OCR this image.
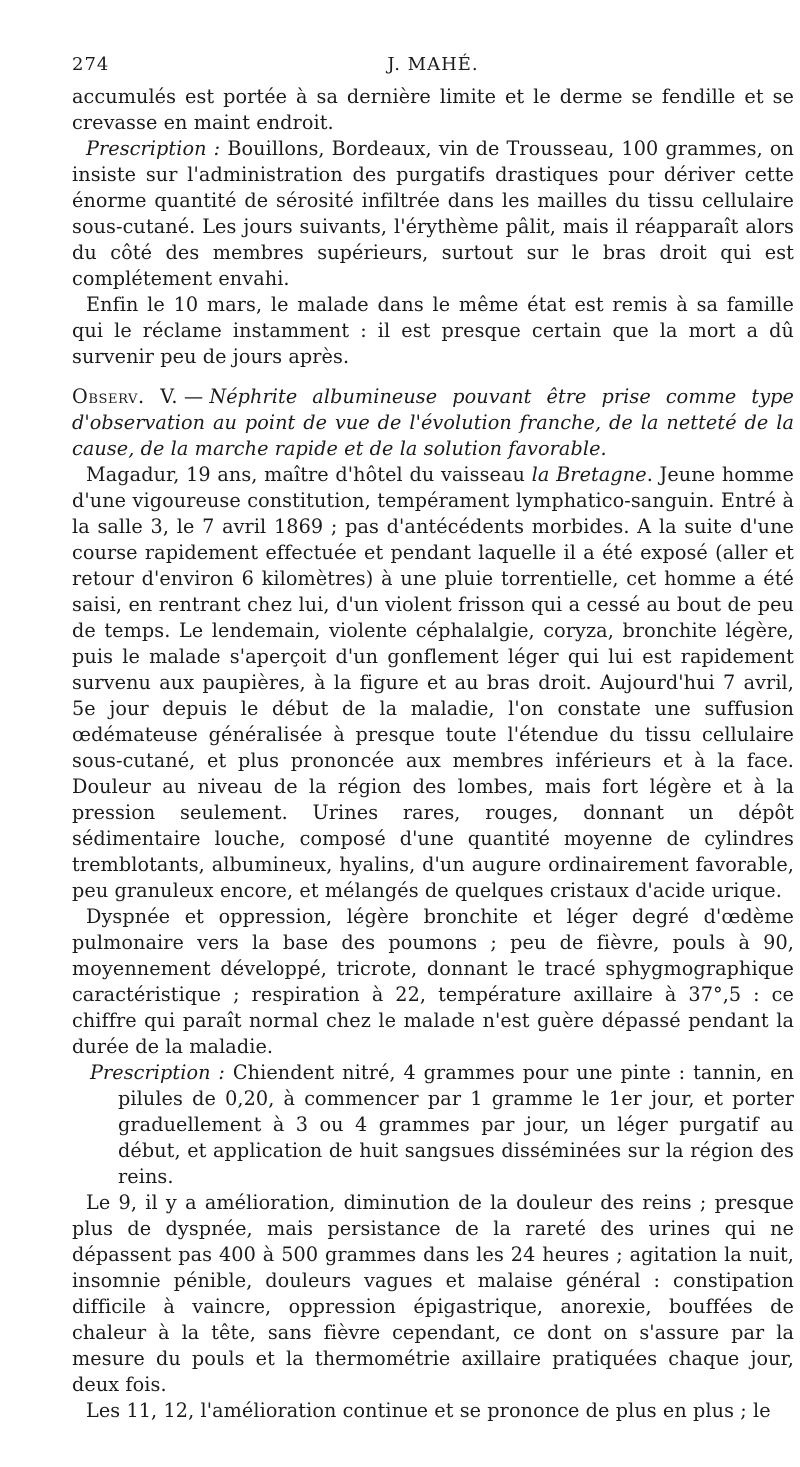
274	J. MAHÉ.

accumulés est portée à sa dernière limite et le derme se fendille et se crevasse en maint endroit.

Prescription : Bouillons, Bordeaux, vin de Trousseau, 100 grammes, on insiste sur l'administration des purgatifs drastiques pour dériver cette énorme quantité de sérosité infiltrée dans les mailles du tissu cellulaire sous-cutané. Les jours suivants, l'érythème pâlit, mais il réapparaît alors du côté des membres supérieurs, surtout sur le bras droit qui est complétement envahi.

Enfin le 10 mars, le malade dans le même état est remis à sa famille qui le réclame instamment : il est presque certain que la mort a dû survenir peu de jours après.

Observ. V. — Néphrite albumineuse pouvant être prise comme type d'observation au point de vue de l'évolution franche, de la netteté de la cause, de la marche rapide et de la solution favorable.

Magadur, 19 ans, maître d'hôtel du vaisseau la Bretagne. Jeune homme d'une vigoureuse constitution, tempérament lymphatico-sanguin. Entré à la salle 3, le 7 avril 1869 ; pas d'antécédents morbides. A la suite d'une course rapidement effectuée et pendant laquelle il a été exposé (aller et retour d'environ 6 kilomètres) à une pluie torrentielle, cet homme a été saisi, en rentrant chez lui, d'un violent frisson qui a cessé au bout de peu de temps. Le lendemain, violente céphalalgie, coryza, bronchite légère, puis le malade s'aperçoit d'un gonflement léger qui lui est rapidement survenu aux paupières, à la figure et au bras droit. Aujourd'hui 7 avril, 5e jour depuis le début de la maladie, l'on constate une suffusion œdémateuse généralisée à presque toute l'étendue du tissu cellulaire sous-cutané, et plus prononcée aux membres inférieurs et à la face. Douleur au niveau de la région des lombes, mais fort légère et à la pression seulement. Urines rares, rouges, donnant un dépôt sédimentaire louche, composé d'une quantité moyenne de cylindres tremblotants, albumineux, hyalins, d'un augure ordinairement favorable, peu granuleux encore, et mélangés de quelques cristaux d'acide urique.

Dyspnée et oppression, légère bronchite et léger degré d'œdème pulmonaire vers la base des poumons ; peu de fièvre, pouls à 90, moyennement développé, tricrote, donnant le tracé sphygmographique caractéristique ; respiration à 22, température axillaire à 37°,5 : ce chiffre qui paraît normal chez le malade n'est guère dépassé pendant la durée de la maladie.

Prescription : Chiendent nitré, 4 grammes pour une pinte : tannin, en pilules de 0,20, à commencer par 1 gramme le 1er jour, et porter graduellement à 3 ou 4 grammes par jour, un léger purgatif au début, et application de huit sangsues disséminées sur la région des reins.

Le 9, il y a amélioration, diminution de la douleur des reins ; presque plus de dyspnée, mais persistance de la rareté des urines qui ne dépassent pas 400 à 500 grammes dans les 24 heures ; agitation la nuit, insomnie pénible, douleurs vagues et malaise général : constipation difficile à vaincre, oppression épigastrique, anorexie, bouffées de chaleur à la tête, sans fièvre cependant, ce dont on s'assure par la mesure du pouls et la thermométrie axillaire pratiquées chaque jour, deux fois.

Les 11, 12, l'amélioration continue et se prononce de plus en plus ; le
